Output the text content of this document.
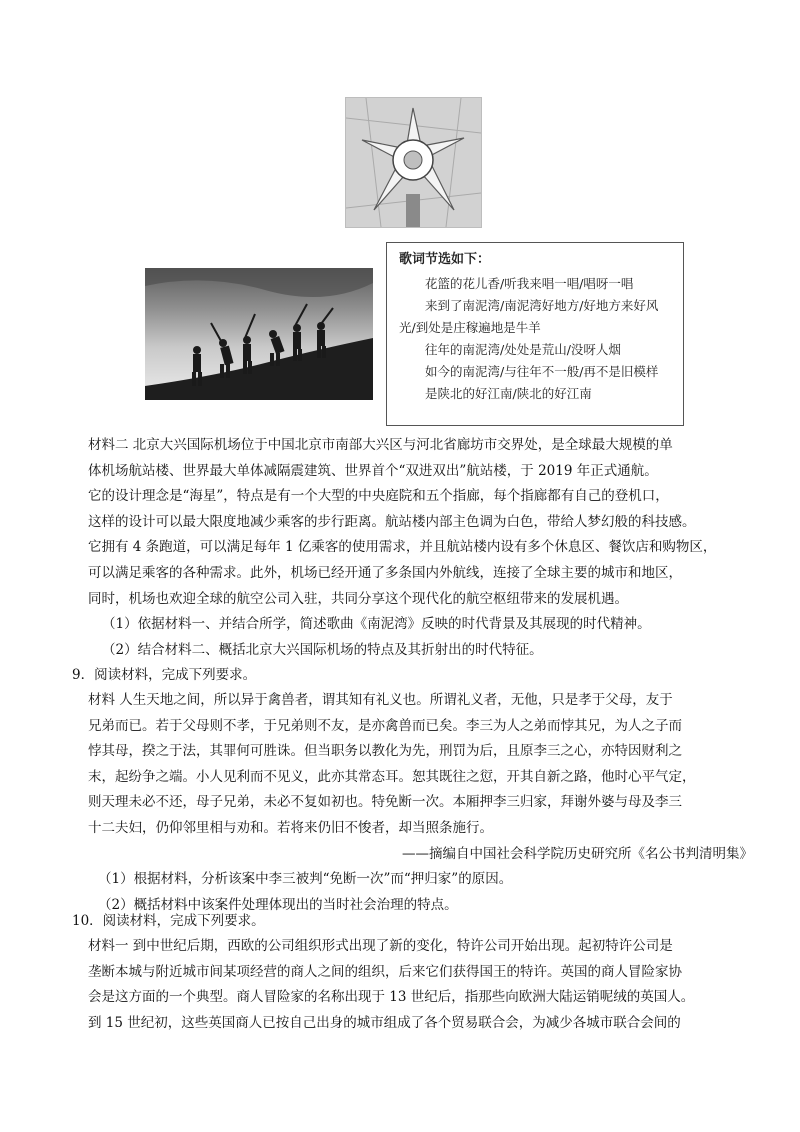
歌词节选如下：
花篮的花儿香/听我来唱一唱/唱呀一唱
来到了南泥湾/南泥湾好地方/好地方来好风
光/到处是庄稼遍地是牛羊
往年的南泥湾/处处是荒山/没呀人烟
如今的南泥湾/与往年不一般/再不是旧模样
是陕北的好江南/陕北的好江南
材料二 北京大兴国际机场位于中国北京市南部大兴区与河北省廊坊市交界处，是全球最大规模的单
体机场航站楼、世界最大单体减隔震建筑、世界首个“双进双出”航站楼，于 2019 年正式通航。
它的设计理念是“海星”，特点是有一个大型的中央庭院和五个指廊，每个指廊都有自己的登机口，
这样的设计可以最大限度地减少乘客的步行距离。航站楼内部主色调为白色，带给人梦幻般的科技感。
它拥有 4 条跑道，可以满足每年 1 亿乘客的使用需求，并且航站楼内设有多个休息区、餐饮店和购物区，
可以满足乘客的各种需求。此外，机场已经开通了多条国内外航线，连接了全球主要的城市和地区，
同时，机场也欢迎全球的航空公司入驻，共同分享这个现代化的航空枢纽带来的发展机遇。
（1）依据材料一、并结合所学，简述歌曲《南泥湾》反映的时代背景及其展现的时代精神。
（2）结合材料二、概括北京大兴国际机场的特点及其折射出的时代特征。
9．阅读材料，完成下列要求。
材料 人生天地之间，所以异于禽兽者，谓其知有礼义也。所谓礼义者，无他，只是孝于父母，友于
兄弟而已。若于父母则不孝，于兄弟则不友，是亦禽兽而已矣。李三为人之弟而悖其兄，为人之子而
悖其母，揆之于法，其罪何可胜诛。但当职务以教化为先，刑罚为后，且原李三之心，亦特因财利之
末，起纷争之端。小人见利而不见义，此亦其常态耳。恕其既往之愆，开其自新之路，他时心平气定，
则天理未必不还，母子兄弟，未必不复如初也。特免断一次。本厢押李三归家，拜谢外婆与母及李三
十二夫妇，仍仰邻里相与劝和。若将来仍旧不悛者，却当照条施行。
——摘编自中国社会科学院历史研究所《名公书判清明集》
（1）根据材料，分析该案中李三被判“免断一次”而“押归家”的原因。
（2）概括材料中该案件处理体现出的当时社会治理的特点。
10．阅读材料，完成下列要求。
材料一 到中世纪后期，西欧的公司组织形式出现了新的变化，特许公司开始出现。起初特许公司是
垄断本城与附近城市间某项经营的商人之间的组织，后来它们获得国王的特许。英国的商人冒险家协
会是这方面的一个典型。商人冒险家的名称出现于 13 世纪后，指那些向欧洲大陆运销呢绒的英国人。
到 15 世纪初，这些英国商人已按自己出身的城市组成了各个贸易联合会，为减少各城市联合会间的
